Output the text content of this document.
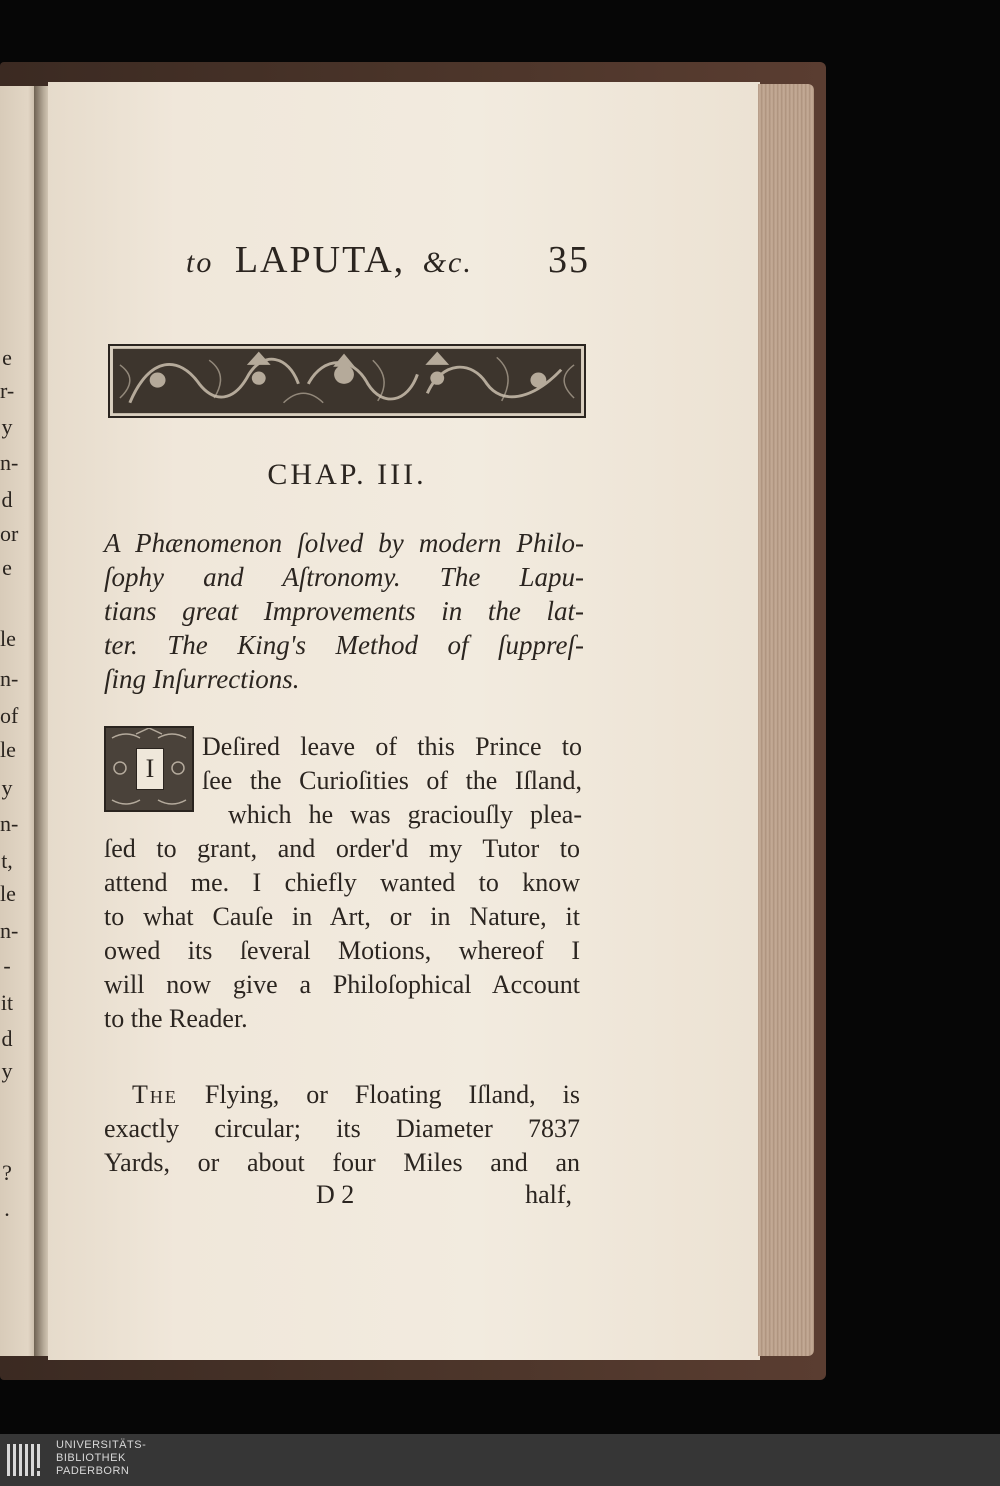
e
r-
y
n-
d
or
e
le
n-
of
le
y
n-
t,
le
n-
-
it
d
y
?
.
to LAPUTA, &c. 35
CHAP. III.
A Phænomenon ſolved by modern Philo-
ſophy and Aſtronomy. The Lapu-
tians great Improvements in the lat-
ter. The King's Method of ſuppreſ-
ſing Inſurrections.
I
Deſired leave of this Prince to
ſee the Curioſities of the Iſland,
which he was graciouſly plea-
ſed to grant, and order'd my Tutor to
attend me. I chiefly wanted to know
to what Cauſe in Art, or in Nature, it
owed its ſeveral Motions, whereof I
will now give a Philoſophical Account
to the Reader.
The Flying, or Floating Iſland, is
exactly circular; its Diameter 7837
Yards, or about four Miles and an
D 2	half,
UNIVERSITÄTS-
BIBLIOTHEK
PADERBORN
